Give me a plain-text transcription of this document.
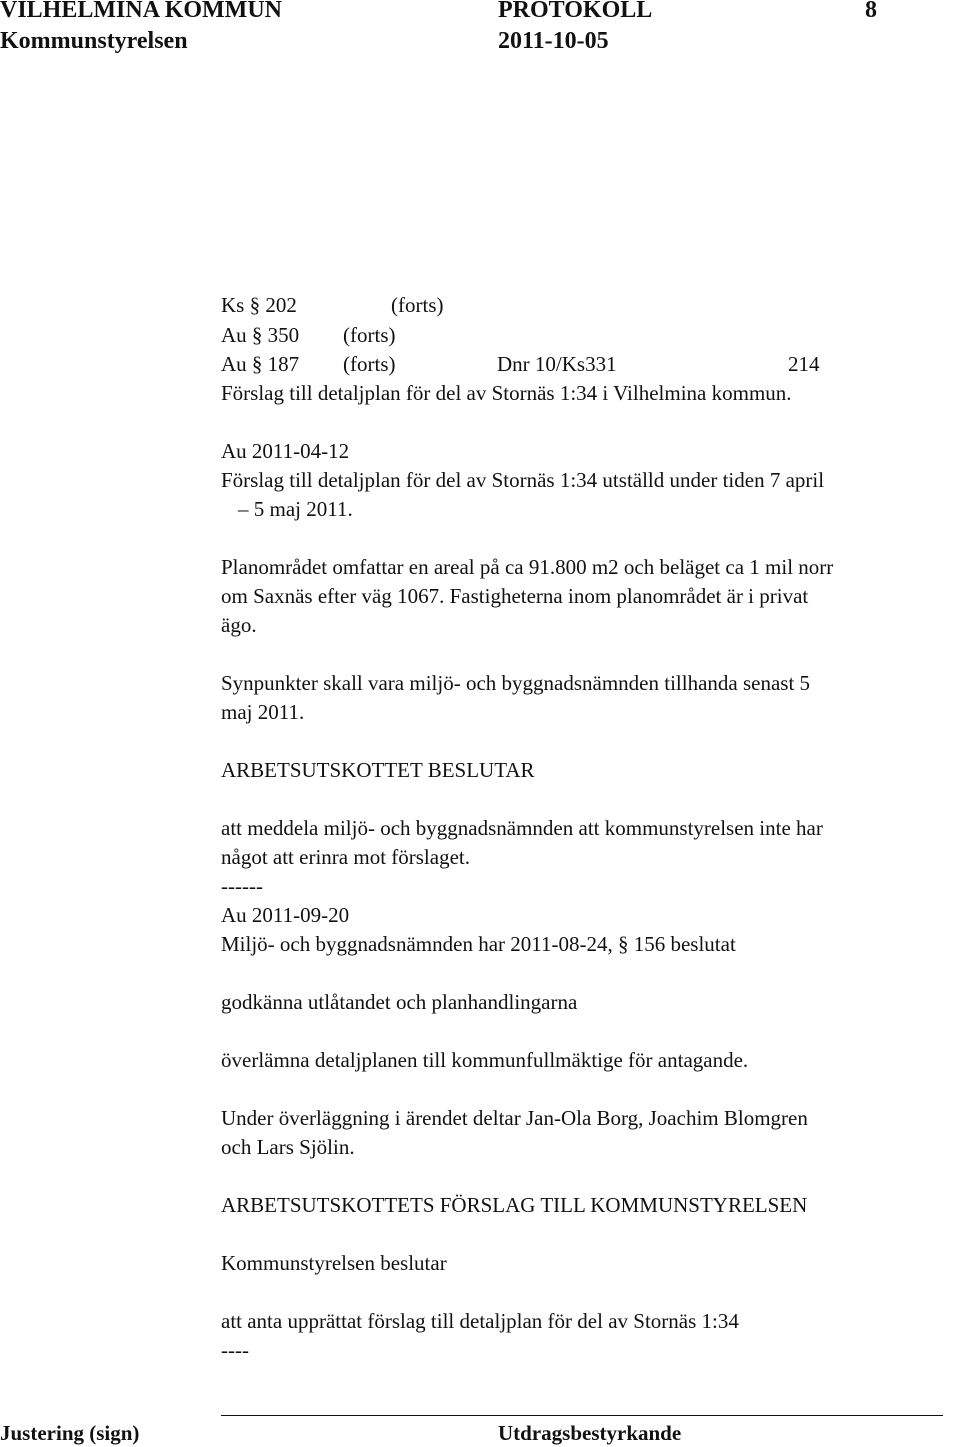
VILHELMINA KOMMUN	PROTOKOLL	8
Kommunstyrelsen	2011-10-05
Ks § 202	(forts)
Au § 350 (forts)
Au § 187 (forts)	Dnr 10/Ks331	214
Förslag till detaljplan för del av Stornäs 1:34 i Vilhelmina kommun.
Au 2011-04-12
Förslag till detaljplan för del av Stornäs 1:34 utställd under tiden 7 april
– 5 maj 2011.
Planområdet omfattar en areal på ca 91.800 m2 och beläget ca 1 mil norr
om Saxnäs efter väg 1067. Fastigheterna inom planområdet är i privat
ägo.
Synpunkter skall vara miljö- och byggnadsnämnden tillhanda senast 5
maj 2011.
ARBETSUTSKOTTET BESLUTAR
att meddela miljö- och byggnadsnämnden att kommunstyrelsen inte har
något att erinra mot förslaget.
------
Au 2011-09-20
Miljö- och byggnadsnämnden har 2011-08-24, § 156 beslutat
godkänna utlåtandet och planhandlingarna
överlämna detaljplanen till kommunfullmäktige för antagande.
Under överläggning i ärendet deltar Jan-Ola Borg, Joachim Blomgren
och Lars Sjölin.
ARBETSUTSKOTTETS FÖRSLAG TILL KOMMUNSTYRELSEN
Kommunstyrelsen beslutar
att anta upprättat förslag till detaljplan för del av Stornäs 1:34
----
Justering (sign)	Utdragsbestyrkande
